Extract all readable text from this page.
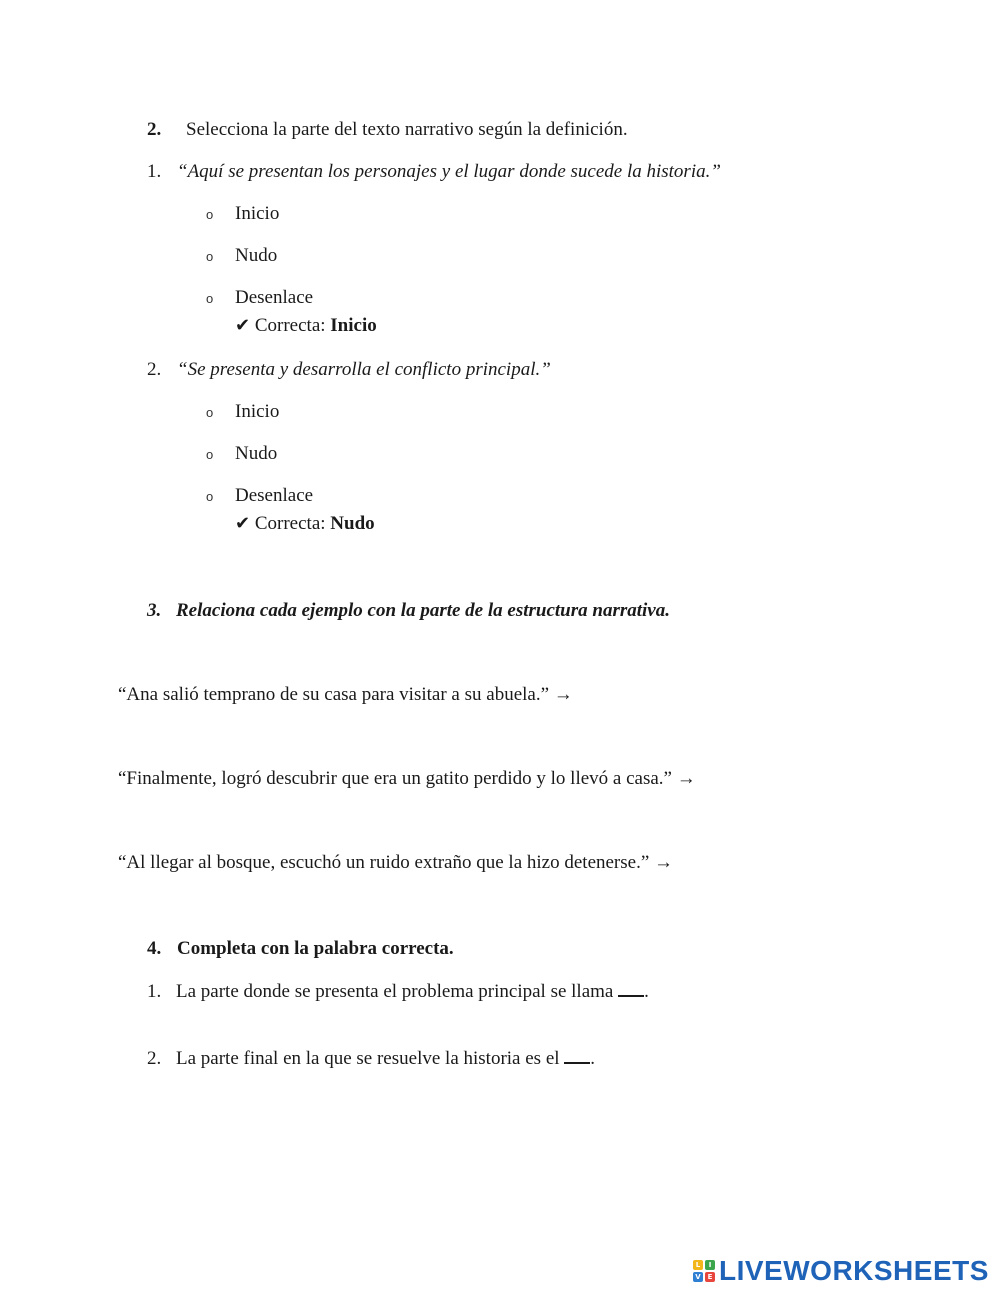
2. Selecciona la parte del texto narrativo según la definición.
1. “Aquí se presentan los personajes y el lugar donde sucede la historia.”
o Inicio
o Nudo
o Desenlace
✔ Correcta: Inicio
2. “Se presenta y desarrolla el conflicto principal.”
o Inicio
o Nudo
o Desenlace
✔ Correcta: Nudo
3. Relaciona cada ejemplo con la parte de la estructura narrativa.
“Ana salió temprano de su casa para visitar a su abuela.” →
“Finalmente, logró descubrir que era un gatito perdido y lo llevó a casa.” →
“Al llegar al bosque, escuchó un ruido extraño que la hizo detenerse.” →
4. Completa con la palabra correcta.
1. La parte donde se presenta el problema principal se llama .
2. La parte final en la que se resuelve la historia es el .
L	I
V E LIVEWORKSHEETS
